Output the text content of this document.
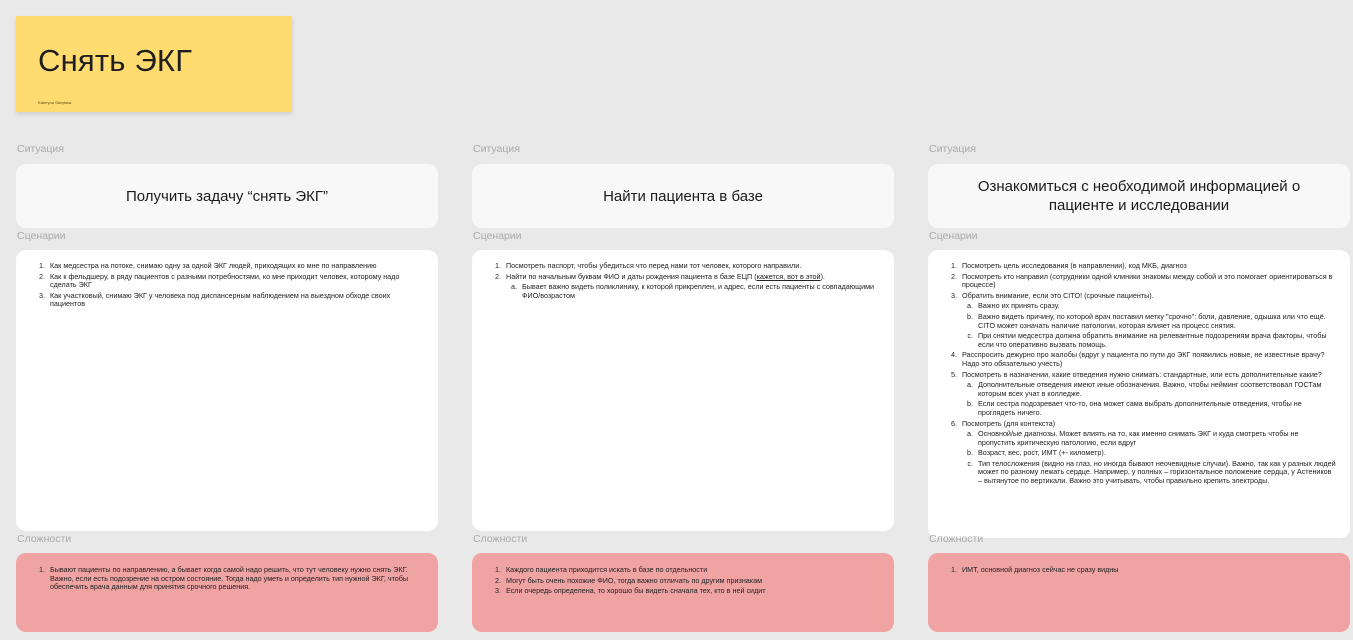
Снять ЭКГ
Kateryna Savytska
Ситуация
Получить задачу “снять ЭКГ”
Сценарии
1. Как медсестра на потоке, снимаю одну за одной ЭКГ людей, приходящих ко мне по направлению
2. Как к фельдшеру, в ряду пациентов с разными потребностями, ко мне приходит человек, которому надо сделать ЭКГ
3. Как участковый, снимаю ЭКГ у человека под диспансерным наблюдением на выездном обходе своих пациентов
Сложности
1. Бывают пациенты по направлению, а бывает когда самой надо решить, что тут человеку нужно снять ЭКГ.
Важно, если есть подозрение на остром состояние. Тогда надо уметь и определить тип нужной ЭКГ, чтобы обеспечить врача данным для принятия срочного решения.
Ситуация
Найти пациента в базе
Сценарии
1. Посмотреть паспорт, чтобы убедиться что перед нами тот человек, которого направили.
2. Найти по начальным буквам ФИО и даты рождения пациента в базе ЕЦП (кажется, вот в этой).
a. Бывает важно видеть поликлинику, к которой прикреплен, и адрес, если есть пациенты с совпадающими ФИО/возрастом
Сложности
1. Каждого пациента приходится искать в базе по отдельности
2. Могут быть очень похожие ФИО, тогда важно отличать по другим признакам
3. Если очередь определена, то хорошо бы видеть сначала тех, кто в ней сидит
Ситуация
Ознакомиться с необходимой информацией о пациенте и исследовании
Сценарии
1. Посмотреть цель исследования (в направлении), код МКБ, диагноз
2. Посмотреть кто направил (сотрудники одной клиники знакомы между собой и это помогает ориентироваться в процессе)
3. Обратить внимание, если это CITO! (срочные пациенты).
a. Важно их принять сразу.
b. Важно видеть причину, по которой врач поставил метку "срочно": боли, давление, одышка или что ещё. CITO может означать наличие патологии, которая влияет на процесс снятия.
c. При снятии медсестра должна обратить внимание на релевантные подозрениям врача факторы, чтобы если что оперативно вызвать помощь.
4. Расспросить дежурно про жалобы (вдруг у пациента по пути до ЭКГ появились новые, не известные врачу? Надо это обязательно учесть)
5. Посмотреть в назначении, какие отведения нужно снимать: стандартные, или есть дополнительные какие?
a. Дополнительные отведения имеют иные обозначения. Важно, чтобы нейминг соответствовал ГОСТам которым всех учат в колледже.
b. Если сестра подозревает что-то, она может сама выбрать дополнительные отведения, чтобы не проглядеть ничего.
6. Посмотреть (для контекста)
a. Основной/ые диагнозы. Может влиять на то, как именно снимать ЭКГ и куда смотреть чтобы не пропустить критическую патологию, если вдруг
b. Возраст, вес, рост, ИМТ (+- километр).
c. Тип телосложения (видно на глаз, но иногда бывают неочевидные случаи). Важно, так как у разных людей может по разному лежать сердце. Например, у полных – горизонтальное положение сердца, у Астеников – вытянутое по вертикали. Важно это учитывать, чтобы правильно крепить электроды.
Сложности
1. ИМТ, основной диагноз сейчас не сразу видны
